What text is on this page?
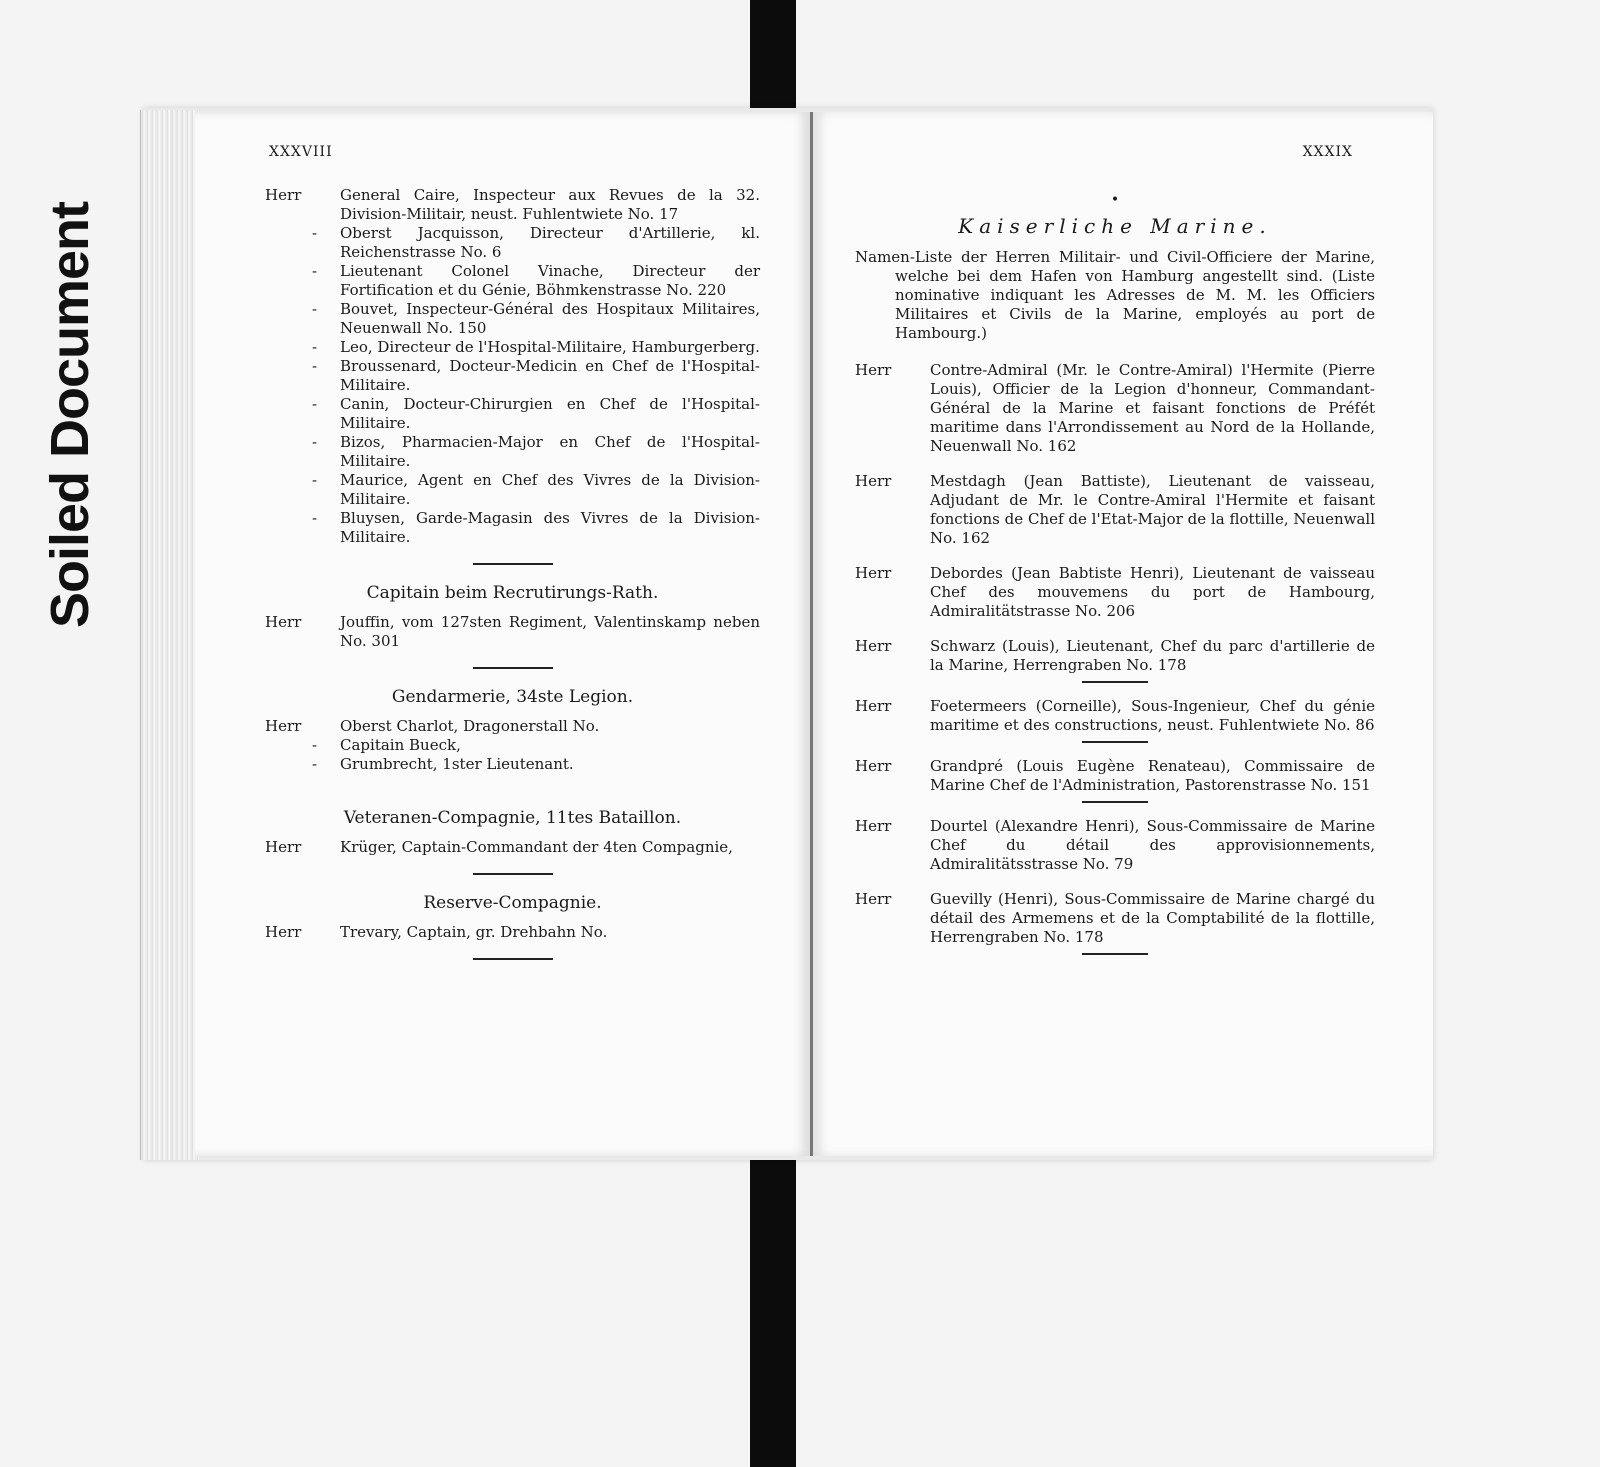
Soiled Document
XXXVIII
Herr	General Caire, Inspecteur aux Revues de la 32. Division-Militair, neust. Fuhlentwiete No. 17
- Oberst Jacquisson, Directeur d'Artillerie, kl. Reichenstrasse No. 6
- Lieutenant Colonel Vinache, Directeur der Fortification et du Génie, Böhmkenstrasse No. 220
- Bouvet, Inspecteur-Général des Hospitaux Militaires, Neuenwall No. 150
- Leo, Directeur de l'Hospital-Militaire, Hamburgerberg.
- Broussenard, Docteur-Medicin en Chef de l'Hospital-Militaire.
- Canin, Docteur-Chirurgien en Chef de l'Hospital-Militaire.
- Bizos, Pharmacien-Major en Chef de l'Hospital-Militaire.
- Maurice, Agent en Chef des Vivres de la Division-Militaire.
- Bluysen, Garde-Magasin des Vivres de la Division-Militaire.
Capitain beim Recrutirungs-Rath.
Herr	Jouffin, vom 127sten Regiment, Valentinskamp neben No. 301
Gendarmerie, 34ste Legion.
Herr	Oberst Charlot, Dragonerstall No.
- Capitain Bueck,
- Grumbrecht, 1ster Lieutenant.
Veteranen-Compagnie, 11tes Bataillon.
Herr	Krüger, Captain-Commandant der 4ten Compagnie,
Reserve-Compagnie.
Herr	Trevary, Captain, gr. Drehbahn No.
XXXIX
•
Kaiserliche Marine.
Namen-Liste der Herren Militair- und Civil-Officiere der Marine, welche bei dem Hafen von Hamburg angestellt sind. (Liste nominative indiquant les Adresses de M. M. les Officiers Militaires et Civils de la Marine, employés au port de Hambourg.)
Herr	Contre-Admiral (Mr. le Contre-Amiral) l'Hermite (Pierre Louis), Officier de la Legion d'honneur, Commandant-Général de la Marine et faisant fonctions de Préfét maritime dans l'Arrondissement au Nord de la Hollande, Neuenwall No. 162
Herr	Mestdagh (Jean Battiste), Lieutenant de vaisseau, Adjudant de Mr. le Contre-Amiral l'Hermite et faisant fonctions de Chef de l'Etat-Major de la flottille, Neuenwall No. 162
Herr	Debordes (Jean Babtiste Henri), Lieutenant de vaisseau Chef des mouvemens du port de Hambourg, Admiralitätstrasse No. 206
Herr	Schwarz (Louis), Lieutenant, Chef du parc d'artillerie de la Marine, Herrengraben No. 178
Herr	Foetermeers (Corneille), Sous-Ingenieur, Chef du génie maritime et des constructions, neust. Fuhlentwiete No. 86
Herr	Grandpré (Louis Eugène Renateau), Commissaire de Marine Chef de l'Administration, Pastorenstrasse No. 151
Herr	Dourtel (Alexandre Henri), Sous-Commissaire de Marine Chef du détail des approvisionnements, Admiralitätsstrasse No. 79
Herr	Guevilly (Henri), Sous-Commissaire de Marine chargé du détail des Armemens et de la Comptabilité de la flottille, Herrengraben No. 178
